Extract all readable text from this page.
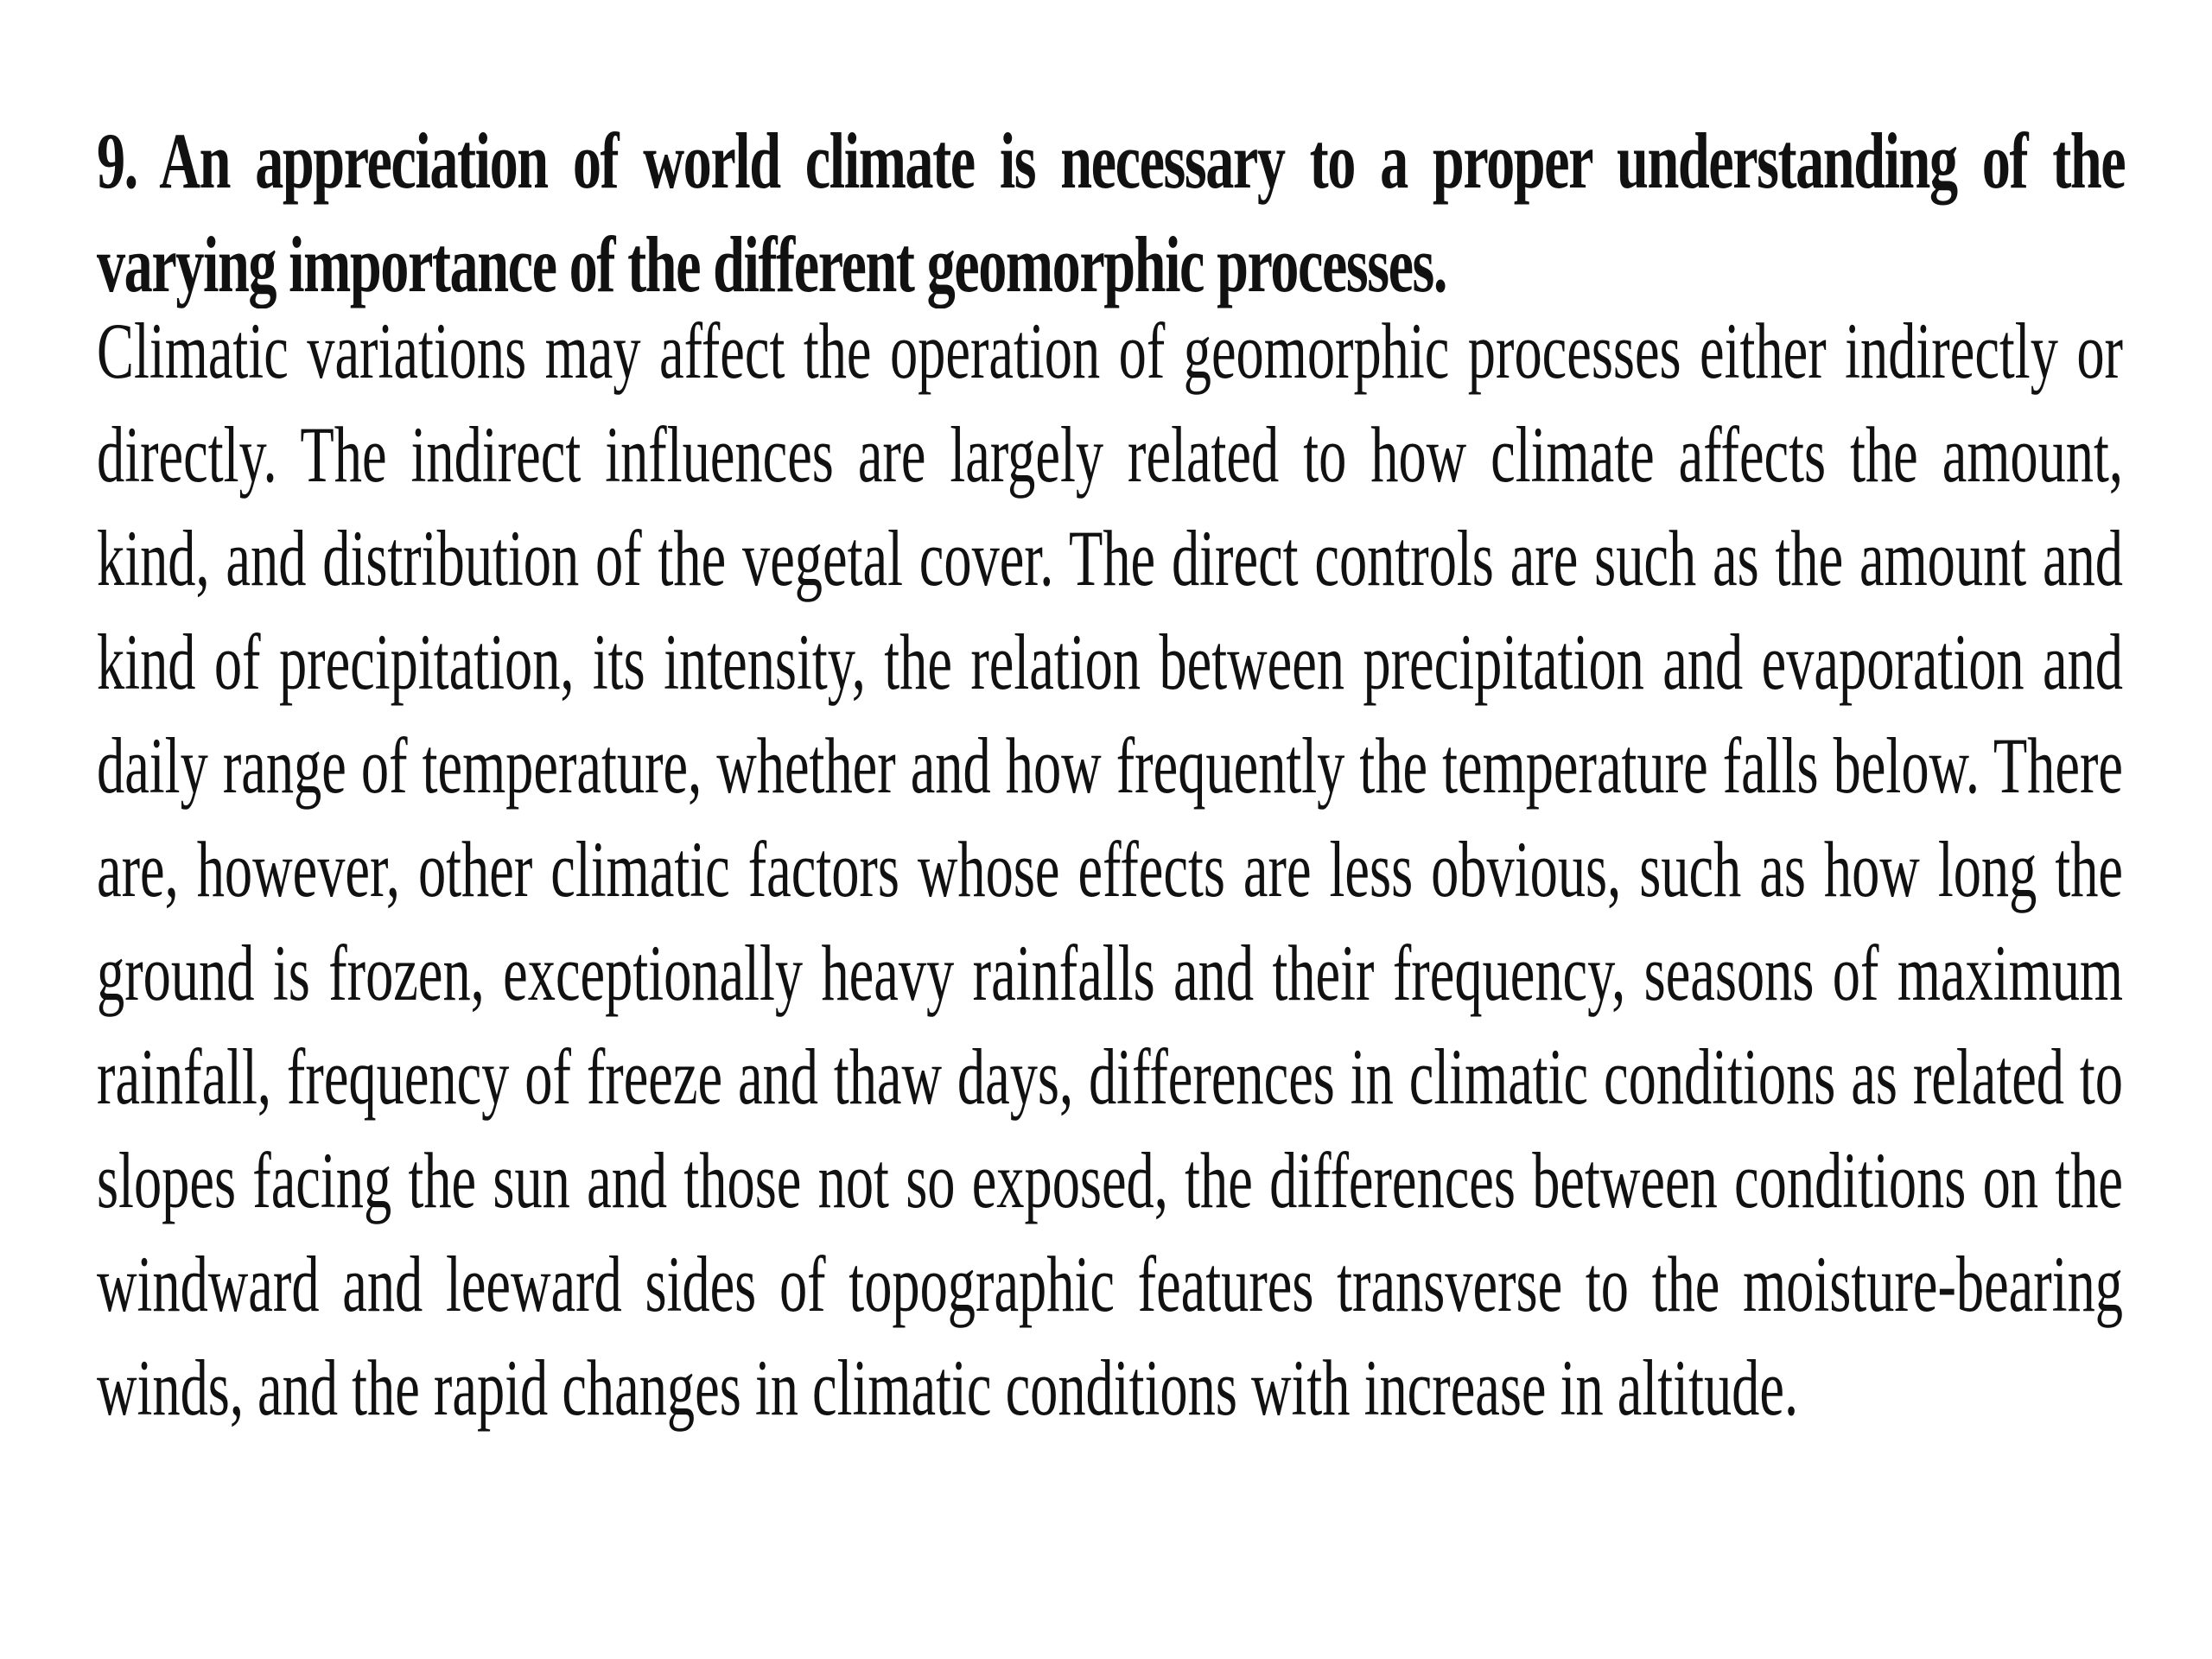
9. An appreciation of world climate is necessary to a proper understanding of the varying importance of the different geomorphic processes.

Climatic variations may affect the operation of geomorphic processes either indirectly or directly. The indirect influences are largely related to how climate affects the amount, kind, and distribution of the vegetal cover. The direct controls are such as the amount and kind of precipitation, its intensity, the relation between precipitation and evaporation and daily range of temperature, whether and how frequently the temperature falls below. There are, however, other climatic factors whose effects are less obvious, such as how long the ground is frozen, exceptionally heavy rainfalls and their frequency, seasons of maximum rainfall, frequency of freeze and thaw days, differences in climatic conditions as related to slopes facing the sun and those not so exposed, the differences between conditions on the windward and leeward sides of topographic features transverse to the moisture-bearing winds, and the rapid changes in climatic conditions with increase in altitude.
